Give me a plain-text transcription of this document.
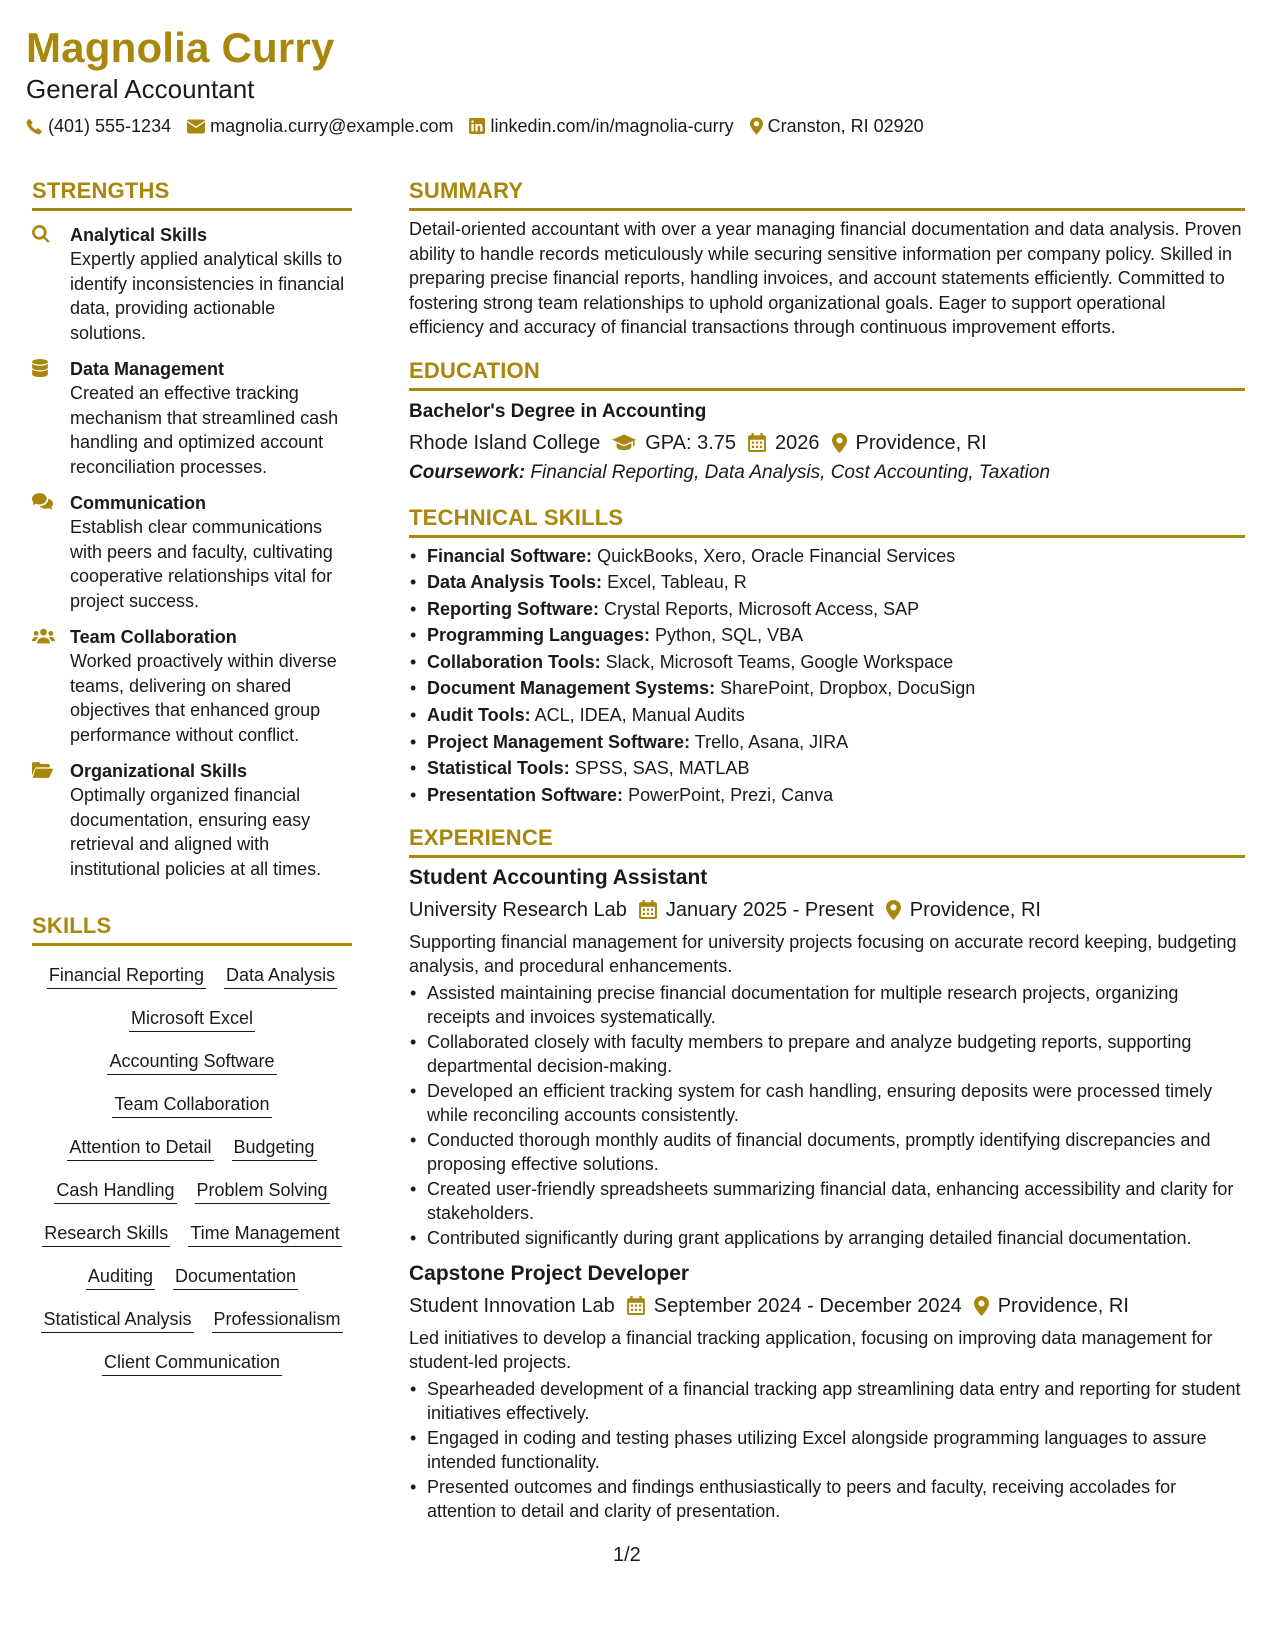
Magnolia Curry
General Accountant
(401) 555-1234 magnolia.curry@example.com linkedin.com/in/magnolia-curry Cranston, RI 02920
STRENGTHS
Analytical Skills
Expertly applied analytical skills to identify inconsistencies in financial data, providing actionable solutions.
Data Management
Created an effective tracking mechanism that streamlined cash handling and optimized account reconciliation processes.
Communication
Establish clear communications with peers and faculty, cultivating cooperative relationships vital for project success.
Team Collaboration
Worked proactively within diverse teams, delivering on shared objectives that enhanced group performance without conflict.
Organizational Skills
Optimally organized financial documentation, ensuring easy retrieval and aligned with institutional policies at all times.
SKILLS
Financial Reporting Data Analysis
Microsoft Excel
Accounting Software
Team Collaboration
Attention to Detail Budgeting
Cash Handling Problem Solving
Research Skills Time Management
Auditing Documentation
Statistical Analysis Professionalism
Client Communication
SUMMARY
Detail-oriented accountant with over a year managing financial documentation and data analysis. Proven ability to handle records meticulously while securing sensitive information per company policy. Skilled in preparing precise financial reports, handling invoices, and account statements efficiently. Committed to fostering strong team relationships to uphold organizational goals. Eager to support operational efficiency and accuracy of financial transactions through continuous improvement efforts.
EDUCATION
Bachelor's Degree in Accounting
Rhode Island College GPA: 3.75 2026 Providence, RI
Coursework: Financial Reporting, Data Analysis, Cost Accounting, Taxation
TECHNICAL SKILLS
• Financial Software: QuickBooks, Xero, Oracle Financial Services
• Data Analysis Tools: Excel, Tableau, R
• Reporting Software: Crystal Reports, Microsoft Access, SAP
• Programming Languages: Python, SQL, VBA
• Collaboration Tools: Slack, Microsoft Teams, Google Workspace
• Document Management Systems: SharePoint, Dropbox, DocuSign
• Audit Tools: ACL, IDEA, Manual Audits
• Project Management Software: Trello, Asana, JIRA
• Statistical Tools: SPSS, SAS, MATLAB
• Presentation Software: PowerPoint, Prezi, Canva
EXPERIENCE
Student Accounting Assistant
University Research Lab January 2025 - Present Providence, RI
Supporting financial management for university projects focusing on accurate record keeping, budgeting analysis, and procedural enhancements.
• Assisted maintaining precise financial documentation for multiple research projects, organizing receipts and invoices systematically.
• Collaborated closely with faculty members to prepare and analyze budgeting reports, supporting departmental decision-making.
• Developed an efficient tracking system for cash handling, ensuring deposits were processed timely while reconciling accounts consistently.
• Conducted thorough monthly audits of financial documents, promptly identifying discrepancies and proposing effective solutions.
• Created user-friendly spreadsheets summarizing financial data, enhancing accessibility and clarity for stakeholders.
• Contributed significantly during grant applications by arranging detailed financial documentation.
Capstone Project Developer
Student Innovation Lab September 2024 - December 2024 Providence, RI
Led initiatives to develop a financial tracking application, focusing on improving data management for student-led projects.
• Spearheaded development of a financial tracking app streamlining data entry and reporting for student initiatives effectively.
• Engaged in coding and testing phases utilizing Excel alongside programming languages to assure intended functionality.
• Presented outcomes and findings enthusiastically to peers and faculty, receiving accolades for attention to detail and clarity of presentation.
1/2
